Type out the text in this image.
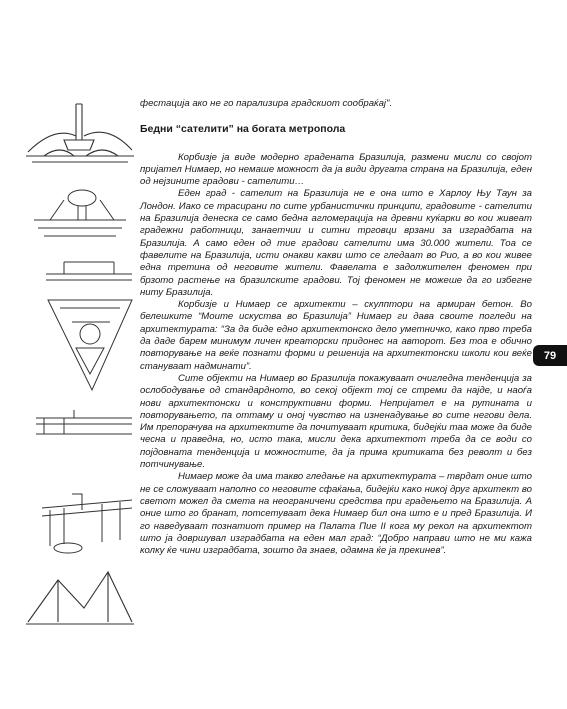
фестација ако не го парализира градскиот сообраќај".

Бедни “сателити” на богата метропола

Корбизје ја виде модерно градената Бразилија, размени мисли со својот пријател Нимаер, но немаше можност да ја види другата страна на Бразилија, еден од нејзините градови - сателити…

Еден град - сателит на Бразилија не е она што е Харлоу Њу Таун за Лондон. Иако се трасирани по сите урбанистички принципи, градовите - сателити на Бразилија денеска се само бедна агломерација на древни куќарки во кои живеат градежни работници, занаетчии и ситни трговци врзани за изградбата на Бразилија. А само еден од тие градови сателити има 30.000 жители. Тоа се фавелите на Бразилија, исти онакви какви што се гледаат во Рио, а во кои живее една третина од неговите жители. Фавелата е задолжителен феномен при брзото растење на бразилските градови. Тој феномен не можеше да го избегне ниту Бразилија.

Корбизје и Нимаер се архитекти – скулптори на армиран бетон. Во белешките “Моите искуства во Бразилија” Нимаер ги дава своите погледи на архитектурата: “За да биде едно архитектонско дело уметничко, како прво треба да даде барем минимум личен креаторски придонес на авторот. Без тоа е обично повторување на веќе познати форми и решенија на архитектонски школи кои веќе стануваат надминати”.

Сите објекти на Нимаер во Бразилија покажуваат очигледна тенденција за ослободување од стандардното, во секој објект тој се стреми да најде, и наоѓа нови архитектонски и конструктивни форми. Непријател е на рутината и повторувањето, па оттаму и оној чувство на изненадување во сите негови дела. Им препорачува на архитектите да почитуваат критика, бидејќи таа може да биде чесна и праведна, но, исто така, мисли дека архитектот треба да се води со појдовната тенденција и можностите, да ја прима критиката без револт и без потчинување.

Нимаер може да има такво гледање на архитектурата – тврдат оние што не се сложуваат наполно со неговите сфаќања, бидејќи како никој друг архитект во светот можел да смета на неограничени средства при градењето на Бразилија. А оние што го бранат, потсетуваат дека Нимаер бил она што е и пред Бразилија. И го наведуваат познатиот пример на Палата Пие II кога му рекол на архитектот што ја довршувал изградбата на еден мал град: “Добро направи што не ми кажа колку ќе чини изградбата, зошто да знаев, одамна ќе ја прекинев”.

79
